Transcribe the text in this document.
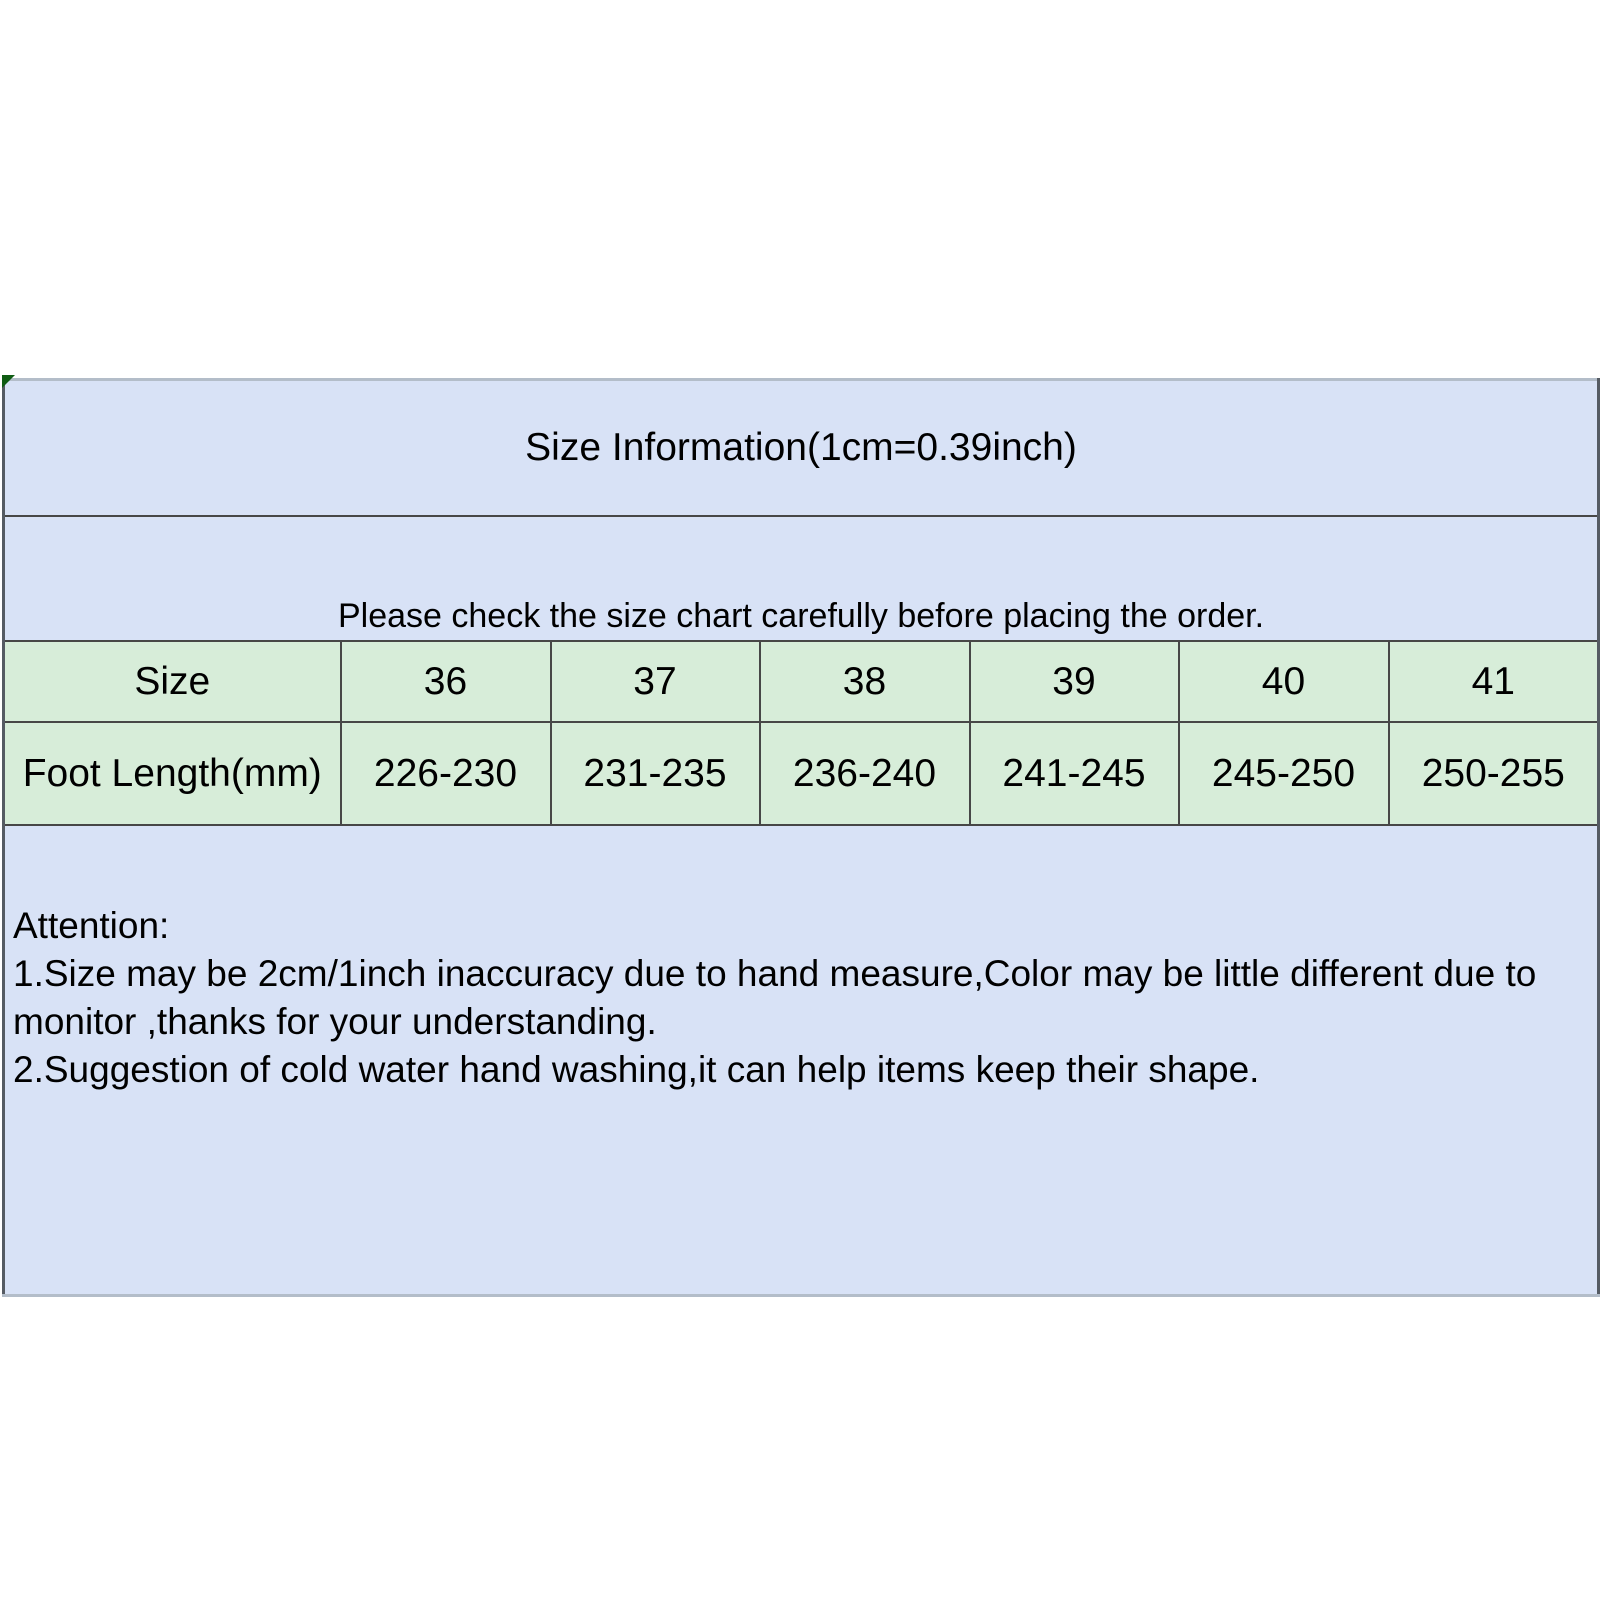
Size Information(1cm=0.39inch)						
Please check the size chart carefully before placing the order.						
Size	36	37	38	39	40	41
Foot Length(mm)	226-230	231-235	236-240	241-245	245-250	250-255

Attention:
1.Size may be 2cm/1inch inaccuracy due to hand measure,Color may be little different due to monitor ,thanks for your understanding.
2.Suggestion of cold water hand washing,it can help items keep their shape.						
